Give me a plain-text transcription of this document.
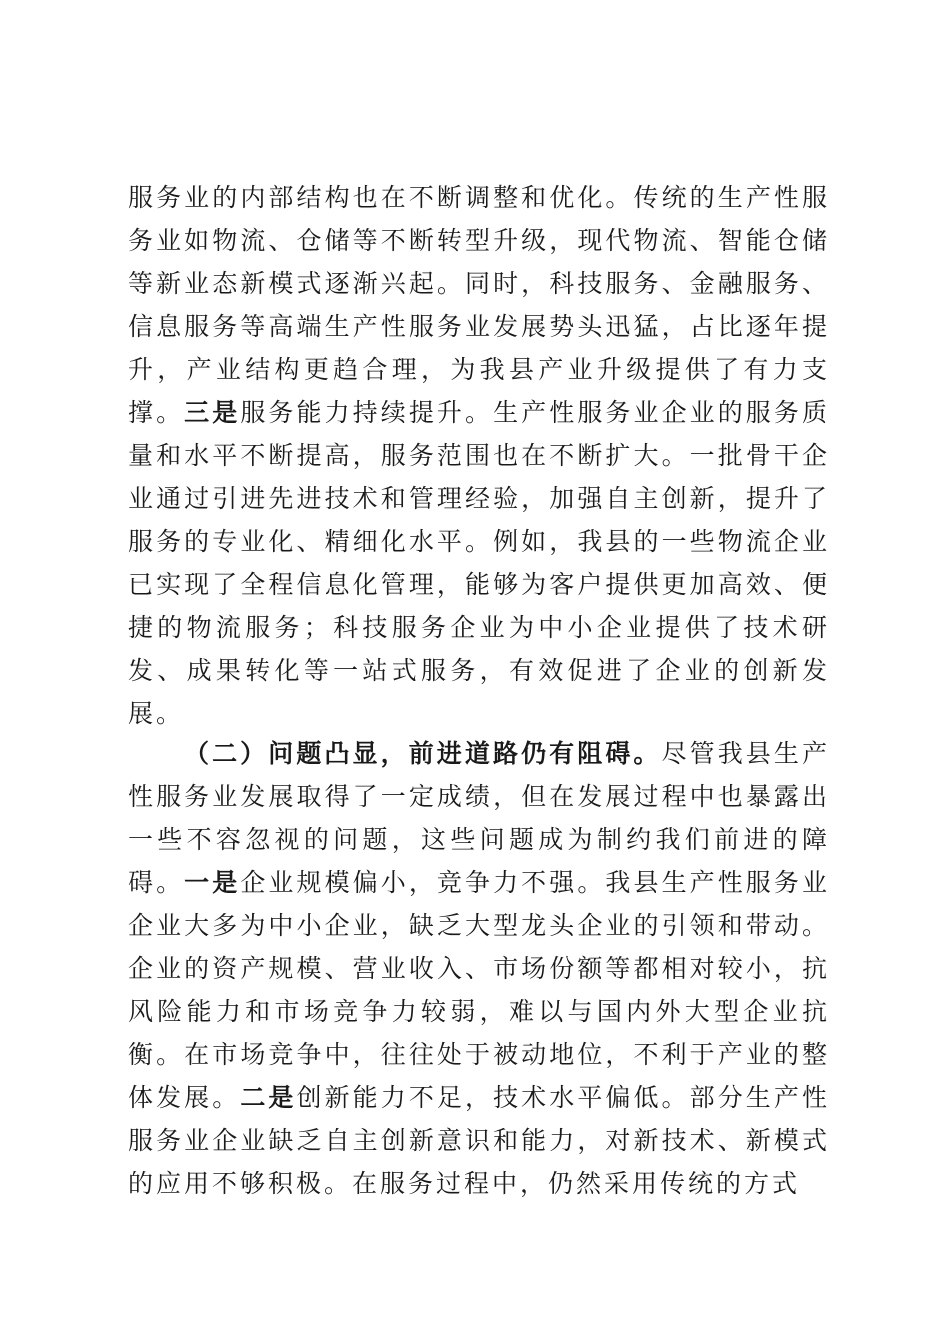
服务业的内部结构也在不断调整和优化。传统的生产性服务业如物流、仓储等不断转型升级，现代物流、智能仓储等新业态新模式逐渐兴起。同时，科技服务、金融服务、信息服务等高端生产性服务业发展势头迅猛，占比逐年提升，产业结构更趋合理，为我县产业升级提供了有力支撑。三是服务能力持续提升。生产性服务业企业的服务质量和水平不断提高，服务范围也在不断扩大。一批骨干企业通过引进先进技术和管理经验，加强自主创新，提升了服务的专业化、精细化水平。例如，我县的一些物流企业已实现了全程信息化管理，能够为客户提供更加高效、便捷的物流服务；科技服务企业为中小企业提供了技术研发、成果转化等一站式服务，有效促进了企业的创新发展。

（二）问题凸显，前进道路仍有阻碍。尽管我县生产性服务业发展取得了一定成绩，但在发展过程中也暴露出一些不容忽视的问题，这些问题成为制约我们前进的障碍。一是企业规模偏小，竞争力不强。我县生产性服务业企业大多为中小企业，缺乏大型龙头企业的引领和带动。企业的资产规模、营业收入、市场份额等都相对较小，抗风险能力和市场竞争力较弱，难以与国内外大型企业抗衡。在市场竞争中，往往处于被动地位，不利于产业的整体发展。二是创新能力不足，技术水平偏低。部分生产性服务业企业缺乏自主创新意识和能力，对新技术、新模式的应用不够积极。在服务过程中，仍然采用传统的方式
